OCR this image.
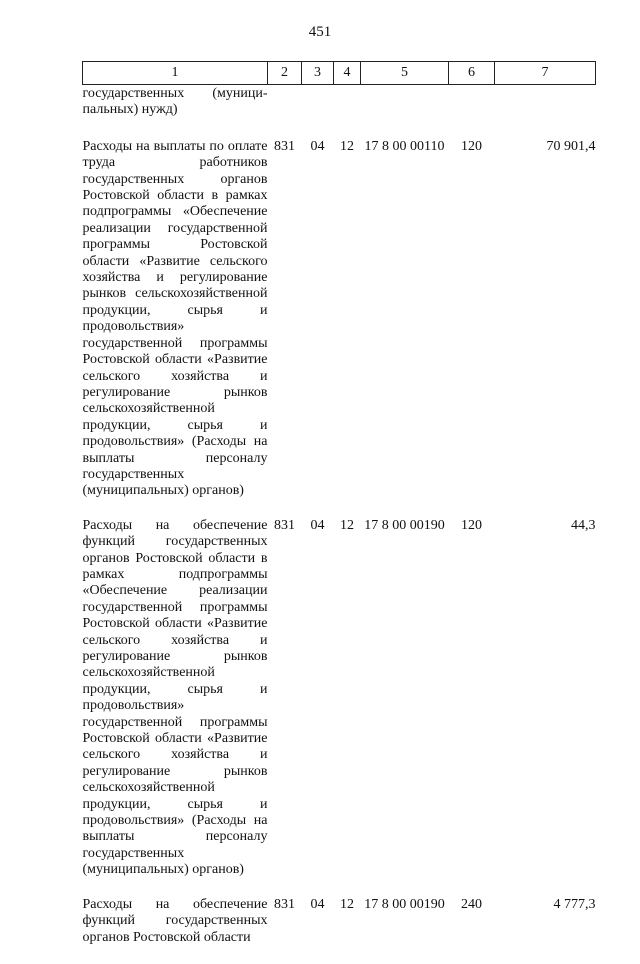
451
1	2	3	4	5	6	7
государственных (муници-пальных) нужд)						
Расходы на выплаты по оплате труда работников государственных органов Ростовской области в рамках подпрограммы «Обеспечение реализации государственной программы Ростовской области «Развитие сельского хозяйства и регулирование рынков сельскохозяйственной продукции, сырья и продовольствия» государственной программы Ростовской области «Развитие сельского хозяйства и регулирование рынков сельскохозяйственной продукции, сырья и продовольствия» (Расходы на выплаты персоналу государственных (муниципальных) органов)	831	04	12	17 8 00 00110	120	70 901,4
Расходы на обеспечение функций государственных органов Ростовской области в рамках подпрограммы «Обеспечение реализации государственной программы Ростовской области «Развитие сельского хозяйства и регулирование рынков сельскохозяйственной продукции, сырья и продовольствия» государственной программы Ростовской области «Развитие сельского хозяйства и регулирование рынков сельскохозяйственной продукции, сырья и продовольствия» (Расходы на выплаты персоналу государственных (муниципальных) органов)	831	04	12	17 8 00 00190	120	44,3
Расходы на обеспечение функций государственных органов Ростовской области	831	04	12	17 8 00 00190	240	4 777,3
